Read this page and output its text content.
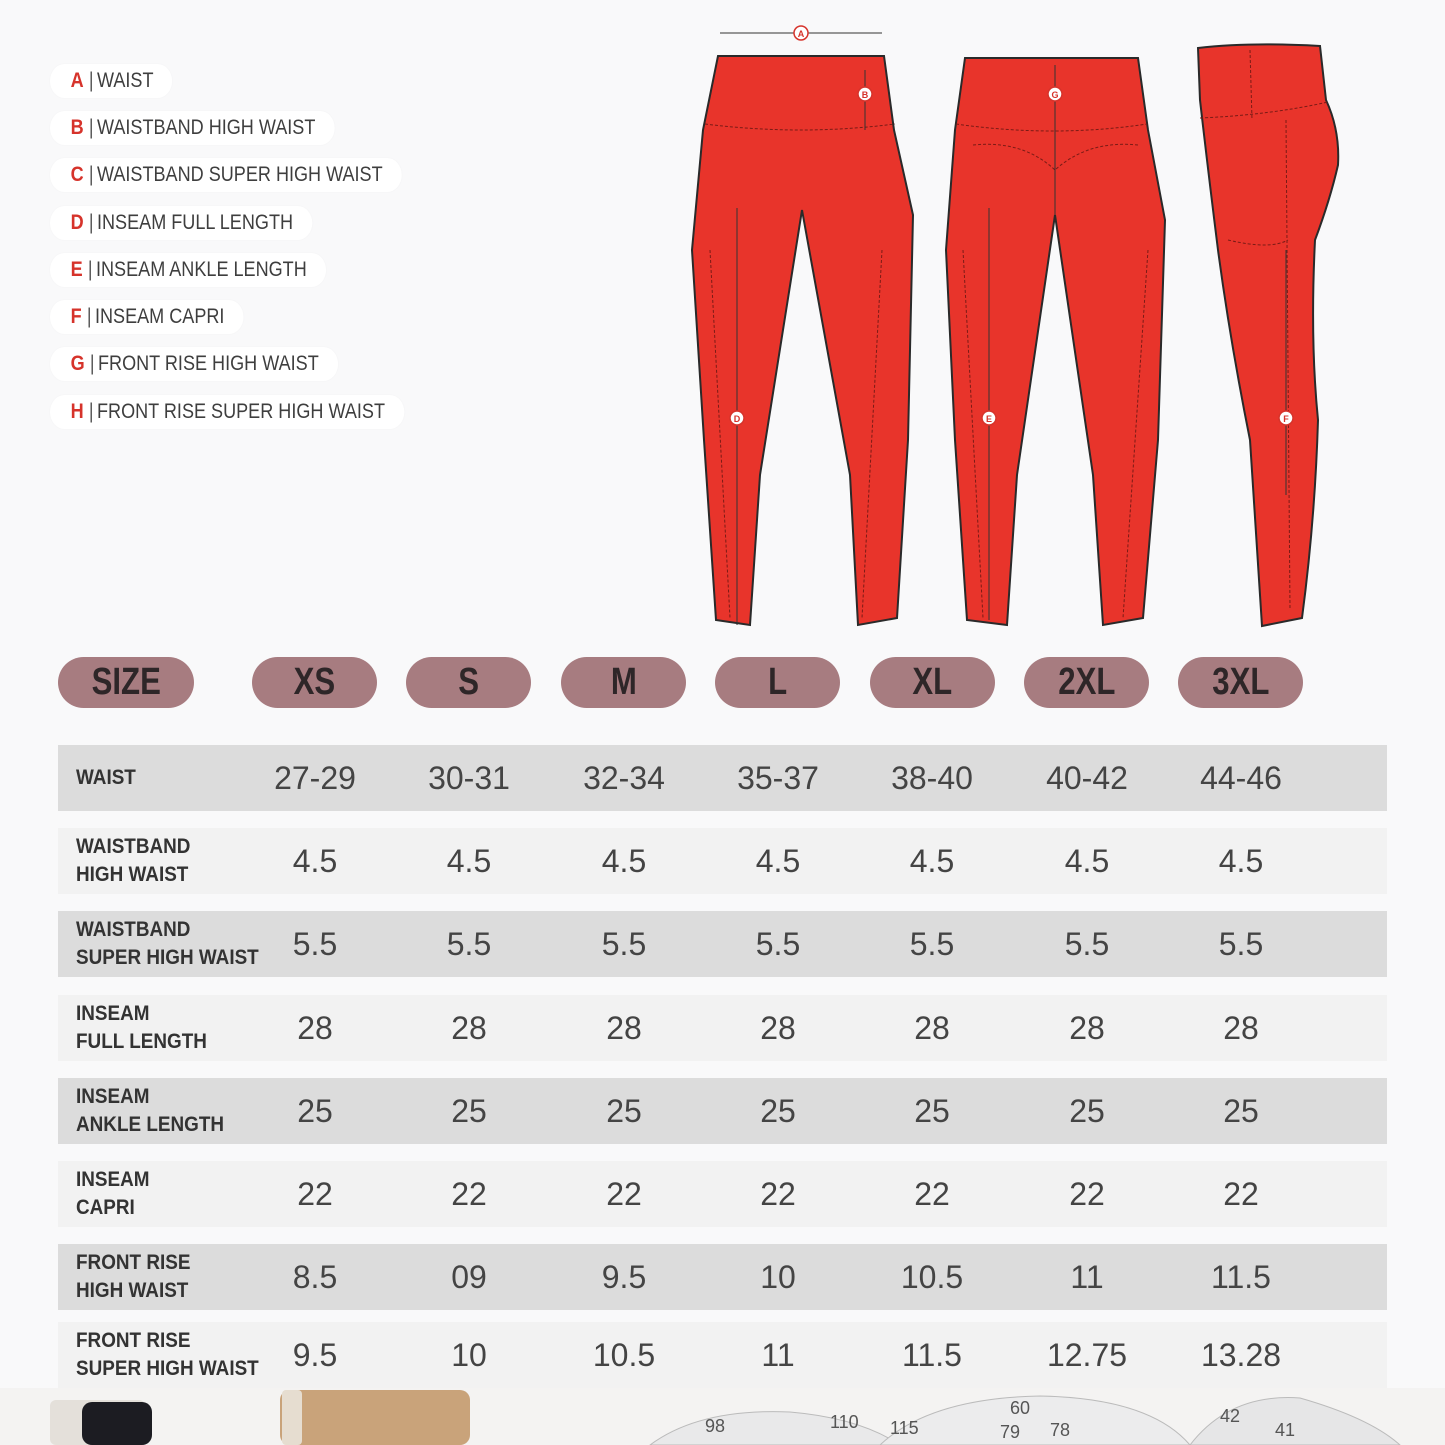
A | WAIST
B | WAISTBAND HIGH WAIST
C | WAISTBAND SUPER HIGH WAIST
D | INSEAM FULL LENGTH
E | INSEAM ANKLE LENGTH
F | INSEAM CAPRI
G | FRONT RISE HIGH WAIST
H | FRONT RISE SUPER HIGH WAIST
A
B
D
G
E	F
SIZE	XS	S	M	L	XL	2XL	3XL
WAIST	27-29	30-31	32-34	35-37	38-40	40-42	44-46
WAISTBAND
HIGH WAIST	4.5	4.5	4.5	4.5	4.5	4.5	4.5
WAISTBAND
SUPER HIGH WAIST	5.5	5.5	5.5	5.5	5.5	5.5	5.5
INSEAM
FULL LENGTH	28	28	28	28	28	28	28
INSEAM
ANKLE LENGTH	25	25	25	25	25	25	25
INSEAM
CAPRI	22	22	22	22	22	22	22
FRONT RISE
HIGH WAIST	8.5	09	9.5	10	10.5	11	11.5
FRONT RISE
SUPER HIGH WAIST	9.5	10	10.5	11	11.5	12.75	13.28
98	110 115
60
79 78
42
41
